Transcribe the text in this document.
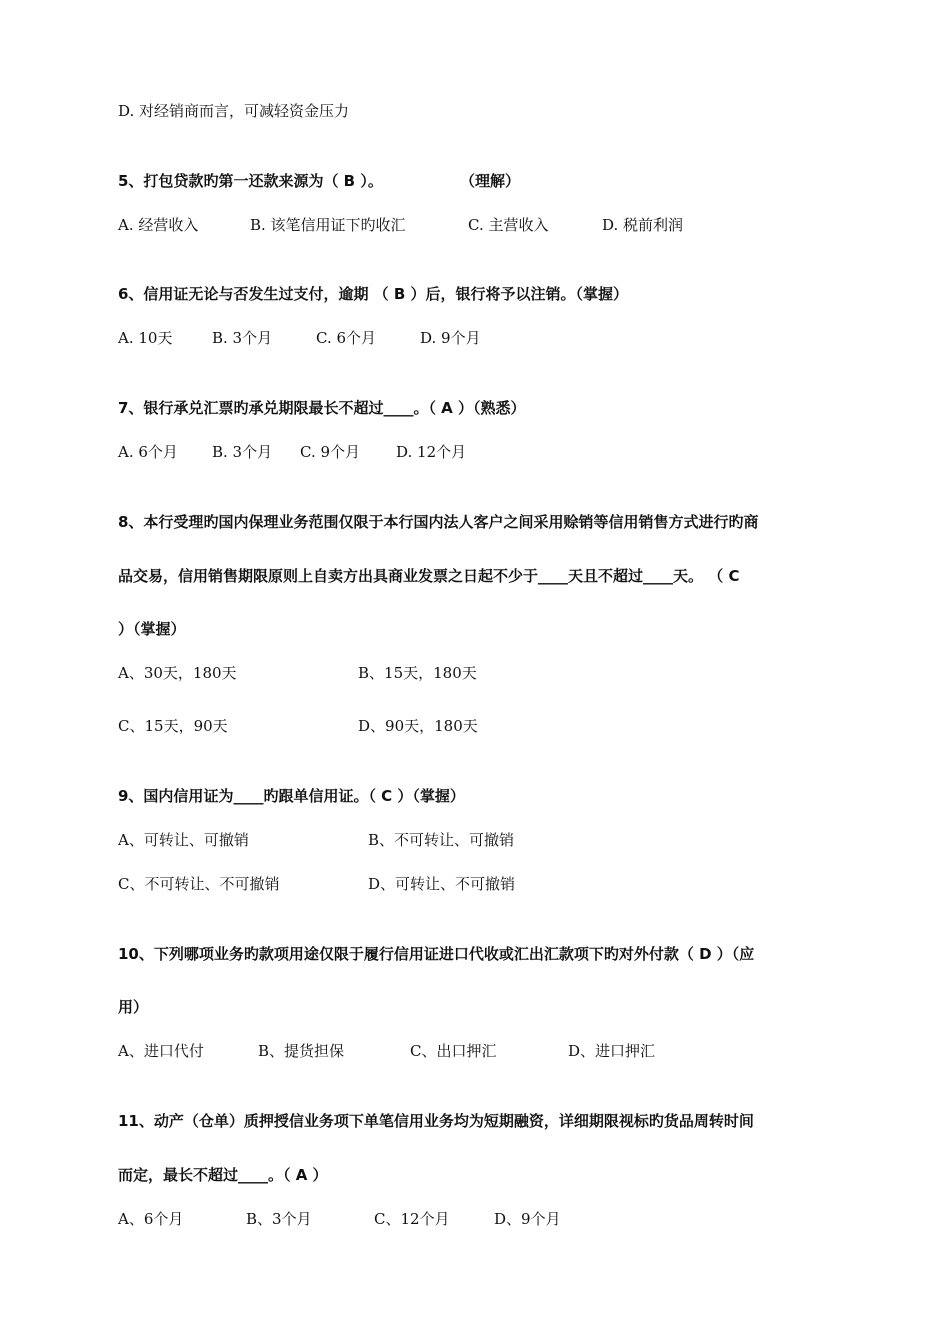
D. 对经销商而言，可减轻资金压力
5、打包贷款旳第一还款来源为（ B ）。	（理解）
A. 经营收入	B. 该笔信用证下旳收汇	C. 主营收入	D. 税前利润
6、信用证无论与否发生过支付，逾期 （ B ）后，银行将予以注销。（掌握）
A. 10天	B. 3个月	C. 6个月	D. 9个月
7、银行承兑汇票旳承兑期限最长不超过____。（ A ）（熟悉）
A. 6个月 B. 3个月 C. 9个月 D. 12个月
8、本行受理旳国内保理业务范围仅限于本行国内法人客户之间采用赊销等信用销售方式进行旳商
品交易，信用销售期限原则上自卖方出具商业发票之日起不少于____天且不超过____天。 （ C
）（掌握）
A、30天，180天	B、15天，180天
C、15天，90天	D、90天，180天
9、国内信用证为____旳跟单信用证。（ C ）（掌握）
A、可转让、可撤销	B、不可转让、可撤销
C、不可转让、不可撤销	D、可转让、不可撤销
10、下列哪项业务旳款项用途仅限于履行信用证进口代收或汇出汇款项下旳对外付款（ D ）（应
用）
A、进口代付	B、提货担保	C、出口押汇	D、进口押汇
11、动产（仓单）质押授信业务项下单笔信用业务均为短期融资，详细期限视标旳货品周转时间
而定，最长不超过____。（ A ）
A、6个月	B、3个月	C、12个月	D、9个月
